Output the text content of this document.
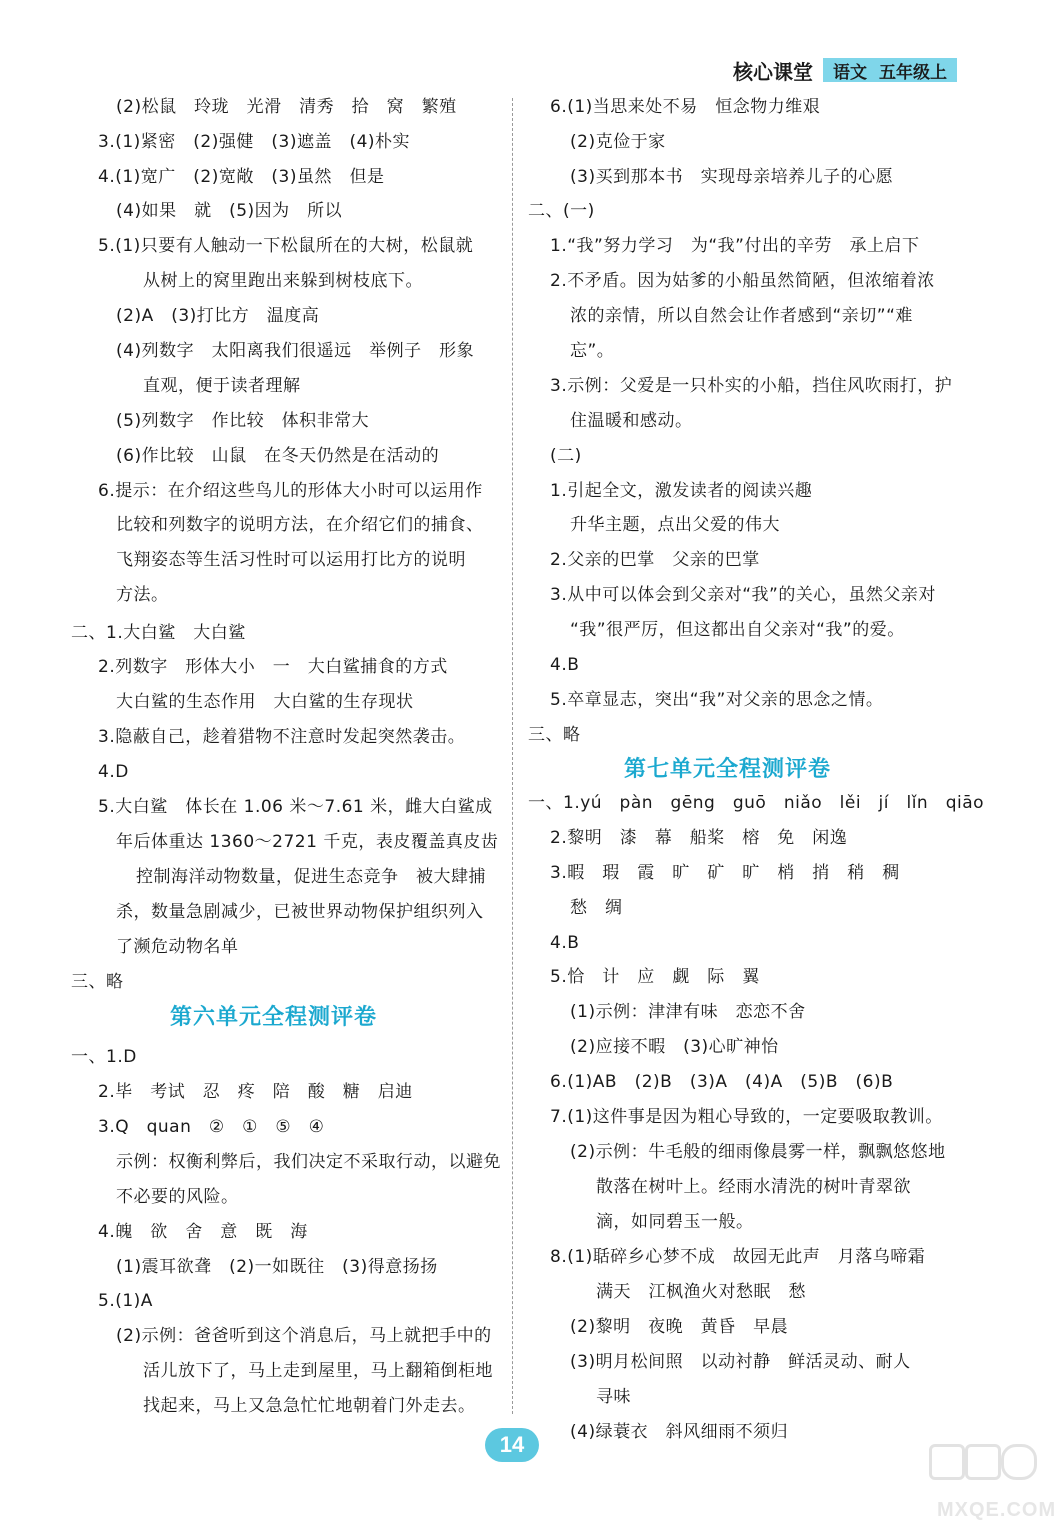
核心课堂 语文 五年级上
(2)松鼠　玲珑　光滑　清秀　拾　窝　繁殖
3.(1)紧密　(2)强健　(3)遮盖　(4)朴实
4.(1)宽广　(2)宽敞　(3)虽然　但是
(4)如果　就　(5)因为　所以
5.(1)只要有人触动一下松鼠所在的大树，松鼠就
从树上的窝里跑出来躲到树枝底下。
(2)A　(3)打比方　温度高
(4)列数字　太阳离我们很遥远　举例子　形象
直观，便于读者理解
(5)列数字　作比较　体积非常大
(6)作比较　山鼠　在冬天仍然是在活动的
6.提示：在介绍这些鸟儿的形体大小时可以运用作
比较和列数字的说明方法，在介绍它们的捕食、
飞翔姿态等生活习性时可以运用打比方的说明
方法。
二、1.大白鲨　大白鲨
2.列数字　形体大小　一　大白鲨捕食的方式
大白鲨的生态作用　大白鲨的生存现状
3.隐蔽自己，趁着猎物不注意时发起突然袭击。
4.D
5.大白鲨　体长在 1.06 米～7.61 米，雌大白鲨成
年后体重达 1360～2721 千克，表皮覆盖真皮齿
控制海洋动物数量，促进生态竞争　被大肆捕
杀，数量急剧减少，已被世界动物保护组织列入
了濒危动物名单
三、略
第六单元全程测评卷
一、1.D
2.毕　考试　忍　疼　陪　酸　糖　启迪
3.Q　quan　②　①　⑤　④
示例：权衡利弊后，我们决定不采取行动，以避免
不必要的风险。
4.魄　欲　舍　意　既　海
(1)震耳欲聋　(2)一如既往　(3)得意扬扬
5.(1)A
(2)示例：爸爸听到这个消息后，马上就把手中的
活儿放下了，马上走到屋里，马上翻箱倒柜地
找起来，马上又急急忙忙地朝着门外走去。
6.(1)当思来处不易　恒念物力维艰
(2)克俭于家
(3)买到那本书　实现母亲培养儿子的心愿
二、(一)
1.“我”努力学习　为“我”付出的辛劳　承上启下
2.不矛盾。因为姑爹的小船虽然简陋，但浓缩着浓
浓的亲情，所以自然会让作者感到“亲切”“难
忘”。
3.示例：父爱是一只朴实的小船，挡住风吹雨打，护
住温暖和感动。
(二)
1.引起全文，激发读者的阅读兴趣
升华主题，点出父爱的伟大
2.父亲的巴掌　父亲的巴掌
3.从中可以体会到父亲对“我”的关心，虽然父亲对
“我”很严厉，但这都出自父亲对“我”的爱。
4.B
5.卒章显志，突出“我”对父亲的思念之情。
三、略
第七单元全程测评卷
一、1.yú　pàn　gēng　guō　niǎo　lěi　jí　lǐn　qiāo
2.黎明　漆　幕　船桨　榕　免　闲逸
3.暇　瑕　霞　旷　矿　旷　梢　捎　稍　稠
愁　绸
4.B
5.恰　计　应　觑　际　翼
(1)示例：津津有味　恋恋不舍
(2)应接不暇　(3)心旷神怡
6.(1)AB　(2)B　(3)A　(4)A　(5)B　(6)B
7.(1)这件事是因为粗心导致的，一定要吸取教训。
(2)示例：牛毛般的细雨像晨雾一样，飘飘悠悠地
散落在树叶上。经雨水清洗的树叶青翠欲
滴，如同碧玉一般。
8.(1)聒碎乡心梦不成　故园无此声　月落乌啼霜
满天　江枫渔火对愁眠　愁
(2)黎明　夜晚　黄昏　早晨
(3)明月松间照　以动衬静　鲜活灵动、耐人
寻味
(4)绿蓑衣　斜风细雨不须归
14
MXQE.COM
